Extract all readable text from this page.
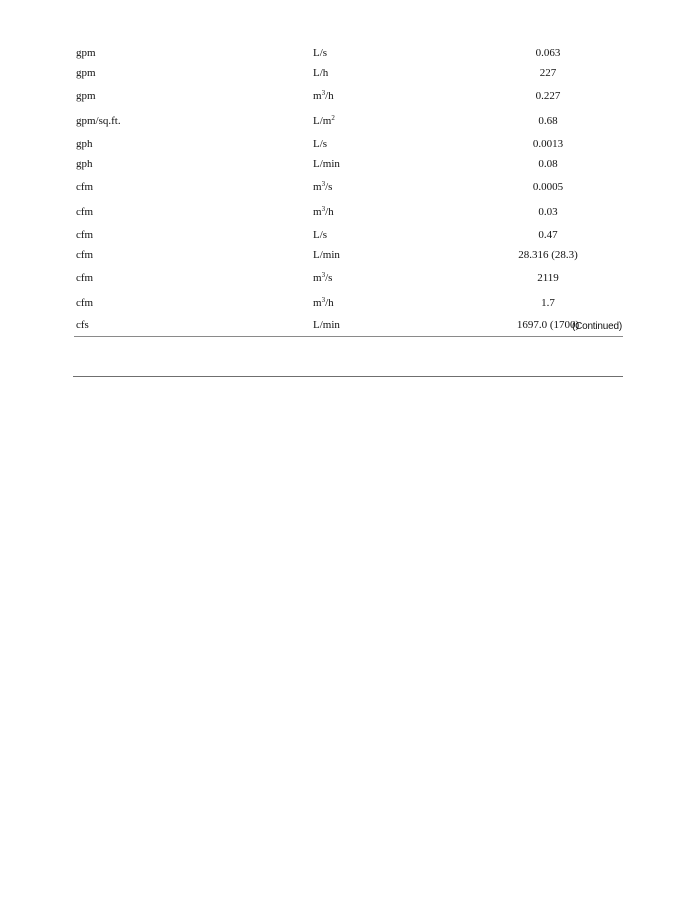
gpm	L/s	0.063
gpm	L/h	227
gpm	$m^3/h$	0.227
gpm/sq.ft.	$L/m^2$	0.68
gph	L/s	0.0013
gph	L/min	0.08
cfm	$m^3/s$	0.0005
cfm	$m^3/h$	0.03
cfm	L/s	0.47
cfm	L/min	28.316 (28.3)
cfm	$m^3/s$	2119
cfm	$m^3/h$	1.7
cfs	L/min	1697.0 (1700)
(Continued)
